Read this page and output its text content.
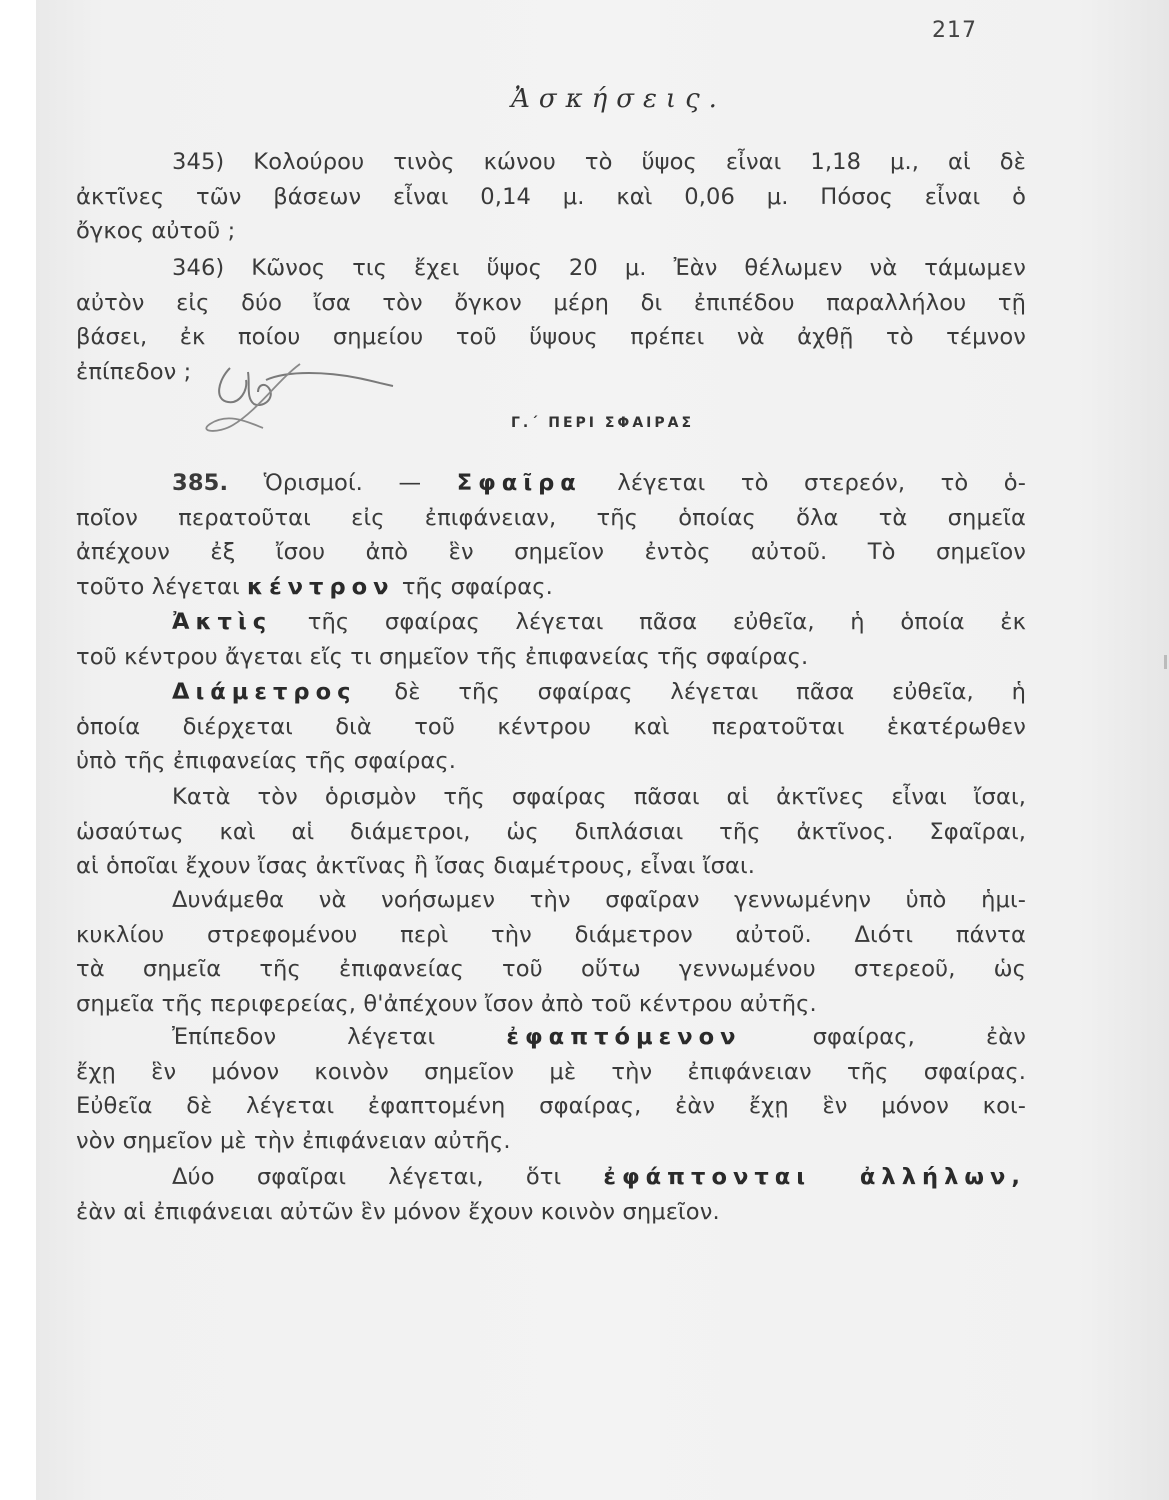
217
Ἀσκήσεις.
345) Κολούρου τινὸς κώνου τὸ ὕψος εἶναι 1,18 μ., αἱ δὲ
ἀκτῖνες τῶν βάσεων εἶναι 0,14 μ. καὶ 0,06 μ. Πόσος εἶναι ὁ
ὄγκος αὐτοῦ ;
346) Κῶνος τις ἔχει ὕψος 20 μ. Ἐὰν θέλωμεν νὰ τάμωμεν
αὐτὸν εἰς δύο ἴσα τὸν ὄγκον μέρη δι ἐπιπέδου παραλλήλου τῇ
βάσει, ἐκ ποίου σημείου τοῦ ὕψους πρέπει νὰ ἀχθῇ τὸ τέμνον
ἐπίπεδον ;
Γ.΄ ΠΕΡΙ ΣΦΑΙΡΑΣ
385. Ὁρισμοί. — Σφαῖρα λέγεται τὸ στερεόν, τὸ ὁ-
ποῖον περατοῦται εἰς ἐπιφάνειαν, τῆς ὁποίας ὅλα τὰ σημεῖα
ἀπέχουν ἐξ ἴσου ἀπὸ ἓν σημεῖον ἐντὸς αὐτοῦ. Τὸ σημεῖον
τοῦτο λέγεται κέντρον τῆς σφαίρας.
Ἀκτὶς τῆς σφαίρας λέγεται πᾶσα εὐθεῖα, ἡ ὁποία ἐκ
τοῦ κέντρου ἄγεται εἴς τι σημεῖον τῆς ἐπιφανείας τῆς σφαίρας.
Διάμετρος δὲ τῆς σφαίρας λέγεται πᾶσα εὐθεῖα, ἡ
ὁποία διέρχεται διὰ τοῦ κέντρου καὶ περατοῦται ἑκατέρωθεν
ὑπὸ τῆς ἐπιφανείας τῆς σφαίρας.
Κατὰ τὸν ὁρισμὸν τῆς σφαίρας πᾶσαι αἱ ἀκτῖνες εἶναι ἴσαι,
ὡσαύτως καὶ αἱ διάμετροι, ὡς διπλάσιαι τῆς ἀκτῖνος. Σφαῖραι,
αἱ ὁποῖαι ἔχουν ἴσας ἀκτῖνας ἢ ἴσας διαμέτρους, εἶναι ἴσαι.
Δυνάμεθα νὰ νοήσωμεν τὴν σφαῖραν γεννωμένην ὑπὸ ἡμι-
κυκλίου στρεφομένου περὶ τὴν διάμετρον αὐτοῦ. Διότι πάντα
τὰ σημεῖα τῆς ἐπιφανείας τοῦ οὕτω γεννωμένου στερεοῦ, ὡς
σημεῖα τῆς περιφερείας, θ'ἀπέχουν ἴσον ἀπὸ τοῦ κέντρου αὐτῆς.
Ἐπίπεδον λέγεται	ἐφαπτόμενον	σφαίρας, ἐὰν
ἔχῃ ἓν μόνον κοινὸν σημεῖον μὲ τὴν ἐπιφάνειαν τῆς σφαίρας.
Εὐθεῖα δὲ λέγεται ἐφαπτομένη σφαίρας, ἐὰν ἔχῃ ἓν μόνον κοι-
νὸν σημεῖον μὲ τὴν ἐπιφάνειαν αὐτῆς.
Δύο σφαῖραι λέγεται, ὅτι ἐφάπτονται ἀλλήλων,
ἐὰν αἱ ἐπιφάνειαι αὐτῶν ἓν μόνον ἔχουν κοινὸν σημεῖον.
